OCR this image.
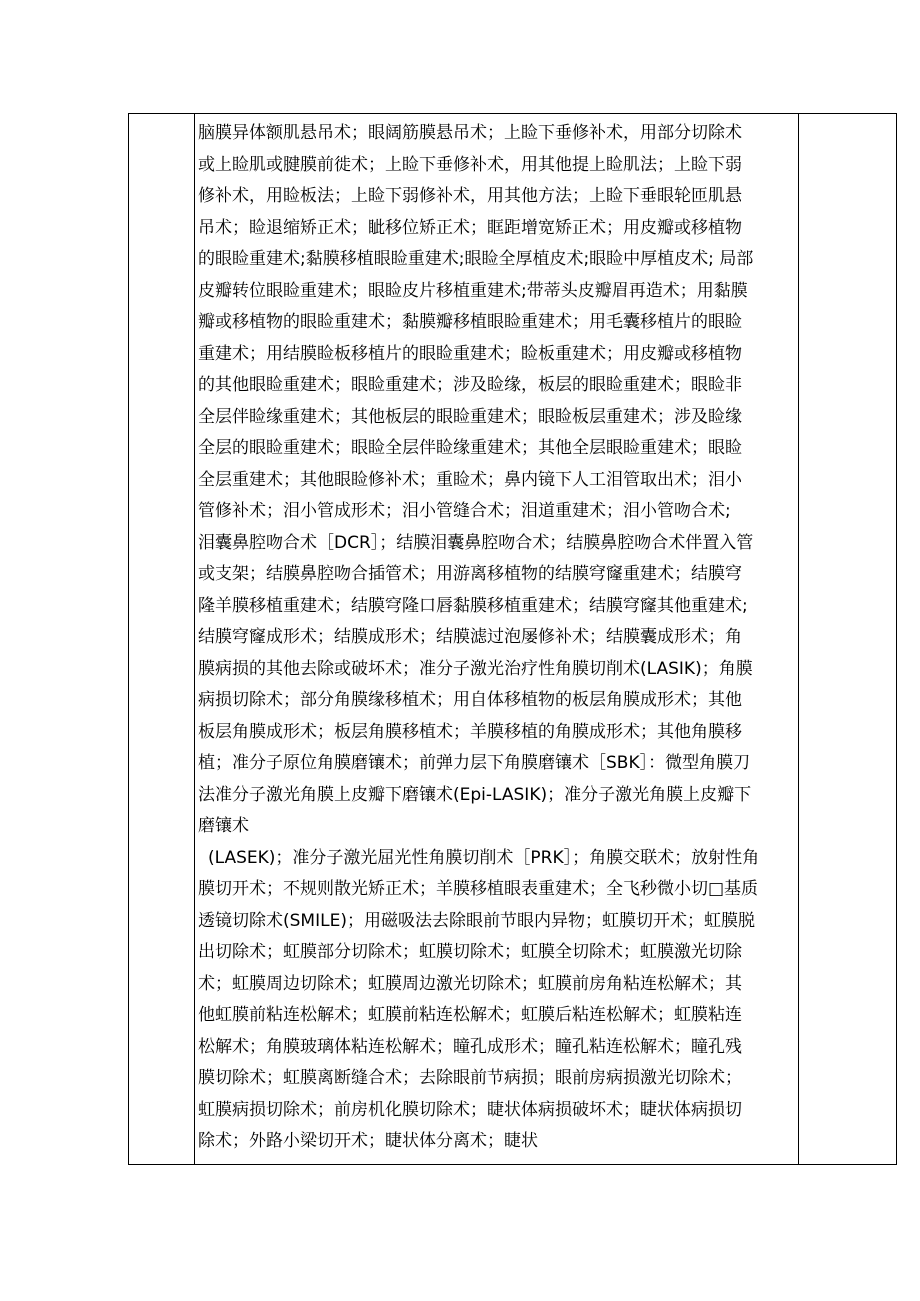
脑膜异体额肌悬吊术；眼阔筋膜悬吊术；上睑下垂修补术，用部分切除术
或上睑肌或腱膜前徙术；上睑下垂修补术，用其他提上睑肌法；上睑下弱
修补术，用睑板法；上睑下弱修补术，用其他方法；上睑下垂眼轮匝肌悬
吊术；睑退缩矫正术；眦移位矫正术；眶距增宽矫正术；用皮瓣或移植物
的眼睑重建术;黏膜移植眼睑重建术;眼睑全厚植皮术;眼睑中厚植皮术; 局部
皮瓣转位眼睑重建术；眼睑皮片移植重建术;带蒂头皮瓣眉再造术；用黏膜
瓣或移植物的眼睑重建术；黏膜瓣移植眼睑重建术；用毛囊移植片的眼睑
重建术；用结膜睑板移植片的眼睑重建术；睑板重建术；用皮瓣或移植物
的其他眼睑重建术；眼睑重建术；涉及睑缘，板层的眼睑重建术；眼睑非
全层伴睑缘重建术；其他板层的眼睑重建术；眼睑板层重建术；涉及睑缘
全层的眼睑重建术；眼睑全层伴睑缘重建术；其他全层眼睑重建术；眼睑
全层重建术；其他眼睑修补术；重睑术；鼻内镜下人工泪管取出术；泪小
管修补术；泪小管成形术；泪小管缝合术；泪道重建术；泪小管吻合术;
泪囊鼻腔吻合术［DCR］；结膜泪囊鼻腔吻合术；结膜鼻腔吻合术伴置入管
或支架；结膜鼻腔吻合插管术；用游离移植物的结膜穹窿重建术；结膜穹
隆羊膜移植重建术；结膜穹隆口唇黏膜移植重建术；结膜穹窿其他重建术;
结膜穹窿成形术；结膜成形术；结膜滤过泡屡修补术；结膜囊成形术；角
膜病损的其他去除或破坏术；准分子激光治疗性角膜切削术(LASIK)；角膜
病损切除术；部分角膜缘移植术；用自体移植物的板层角膜成形术；其他
板层角膜成形术；板层角膜移植术；羊膜移植的角膜成形术；其他角膜移
植；准分子原位角膜磨镶术；前弹力层下角膜磨镶术［SBK］：微型角膜刀
法准分子激光角膜上皮瓣下磨镶术(Epi-LASIK)；准分子激光角膜上皮瓣下
磨镶术
(LASEK)；准分子激光屈光性角膜切削术［PRK］；角膜交联术；放射性角
膜切开术；不规则散光矫正术；羊膜移植眼表重建术；全飞秒微小切□基质
透镜切除术(SMILE)；用磁吸法去除眼前节眼内异物；虹膜切开术；虹膜脱
出切除术；虹膜部分切除术；虹膜切除术；虹膜全切除术；虹膜激光切除
术；虹膜周边切除术；虹膜周边激光切除术；虹膜前房角粘连松解术；其
他虹膜前粘连松解术；虹膜前粘连松解术；虹膜后粘连松解术；虹膜粘连
松解术；角膜玻璃体粘连松解术；瞳孔成形术；瞳孔粘连松解术；瞳孔残
膜切除术；虹膜离断缝合术；去除眼前节病损；眼前房病损激光切除术；
虹膜病损切除术；前房机化膜切除术；睫状体病损破坏术；睫状体病损切
除术；外路小梁切开术；睫状体分离术；睫状
